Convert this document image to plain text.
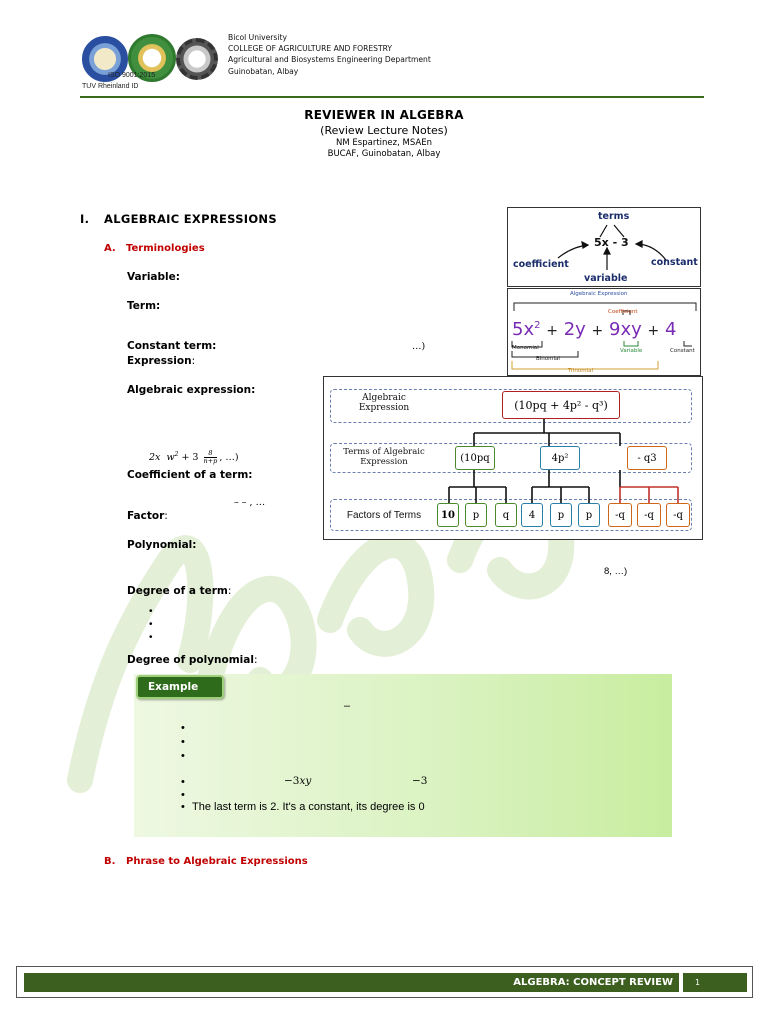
ISO 9001:2015
TUV Rheinland ID
Bicol University
COLLEGE OF AGRICULTURE AND FORESTRY
Agricultural and Biosystems Engineering Department
Guinobatan, Albay
REVIEWER IN ALGEBRA
(Review Lecture Notes)
NM Espartinez, MSAEn
BUCAF, Guinobatan, Albay
I. ALGEBRAIC EXPRESSIONS
A. Terminologies
Variable:
Term:
Constant term:	…)
Expression:
Algebraic expression:
2x $w^2 + 3 \frac{8}{n+p}$ , …)
Coefficient of a term:
– – , …
Factor:
Polynomial:
8, …)
Degree of a term:
•
•
•
Degree of polynomial:
terms
5x - 3
coefficient
variable
constant
Algebraic Expression
Coefficient
$5x^2 + 2y + 9xy + 4$
Monomial
Binomial
Trinomial
Variable	Constant
Algebraic
Expression	(10pq + 4p² - q³)
Terms of Algebraic
Expression	(10pq	4p²	- q3
Factors of Terms	10	p	q	4	p	p	-q	-q	-q
Example
–
•
•
•
•	−3xy	−3
•
• The last term is 2. It's a constant, its degree is 0
B. Phrase to Algebraic Expressions
ALGEBRA: CONCEPT REVIEW	1
